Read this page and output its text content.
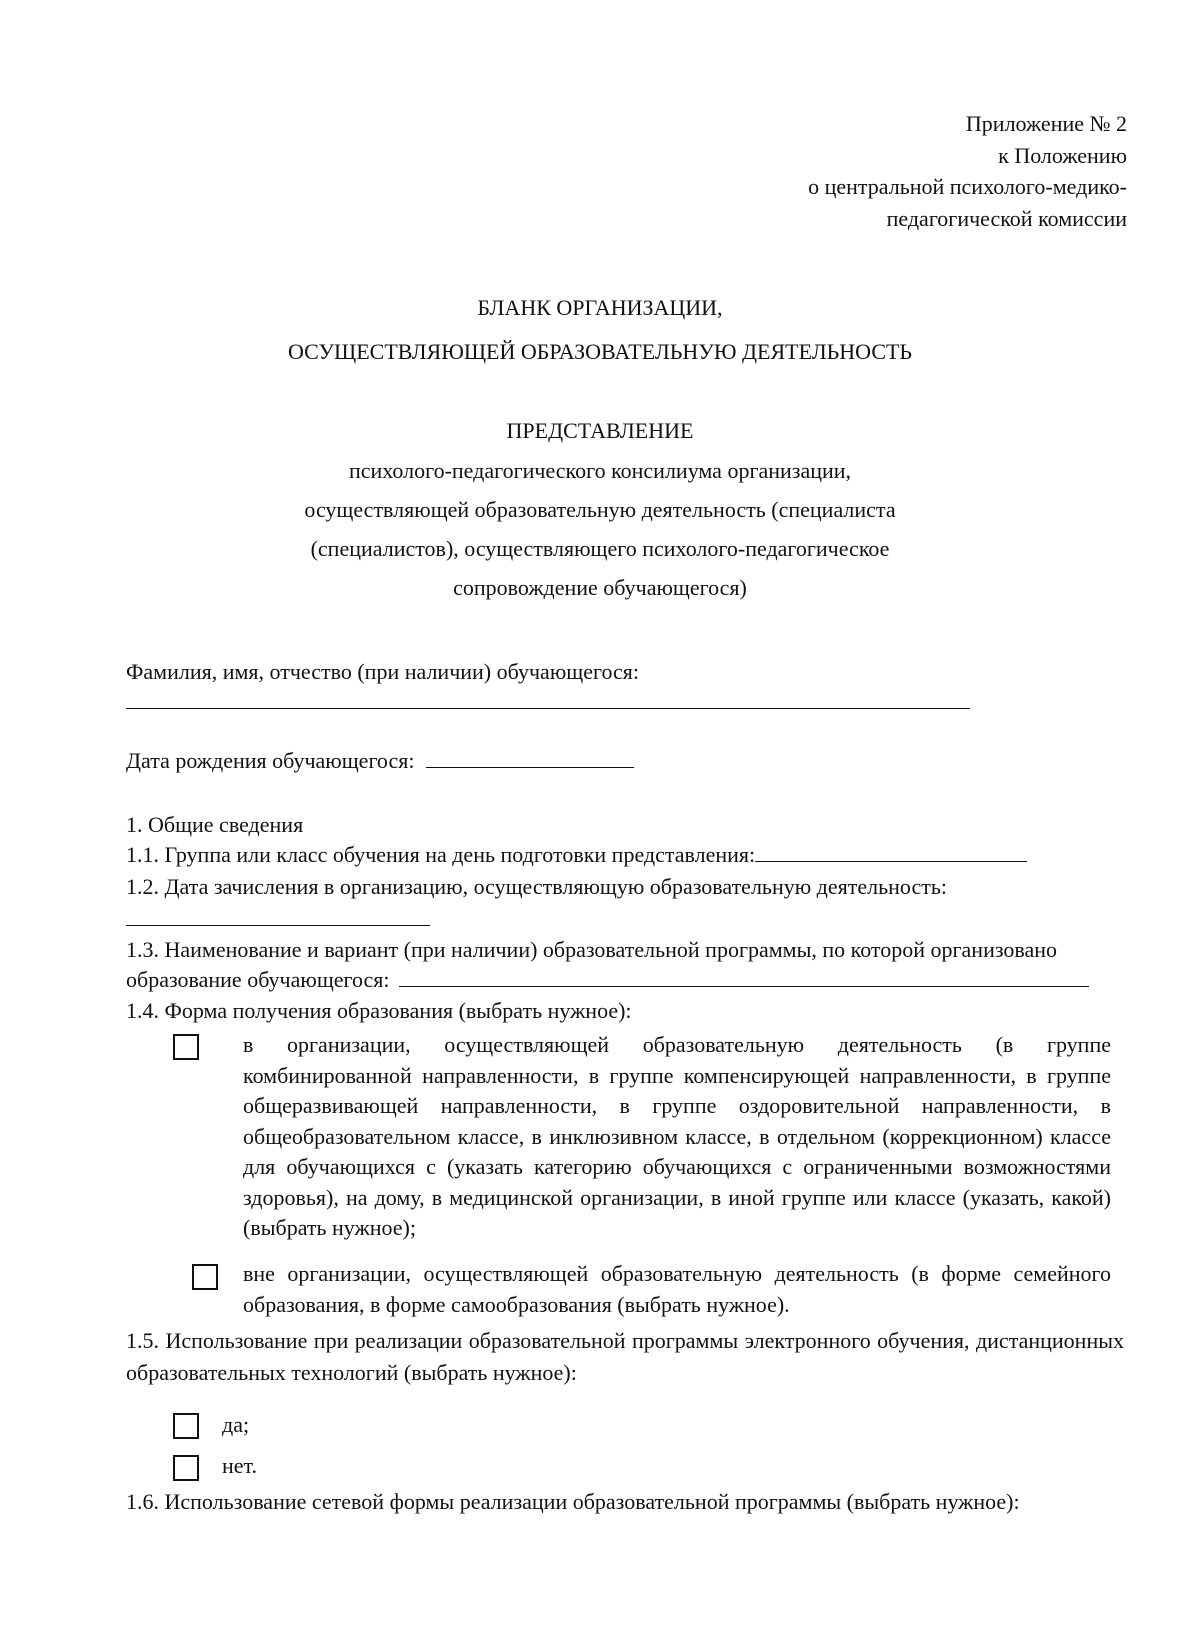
Приложение № 2
к Положению
о центральной психолого-медико-
педагогической комиссии
БЛАНК ОРГАНИЗАЦИИ,
ОСУЩЕСТВЛЯЮЩЕЙ ОБРАЗОВАТЕЛЬНУЮ ДЕЯТЕЛЬНОСТЬ
ПРЕДСТАВЛЕНИЕ
психолого-педагогического консилиума организации,
осуществляющей образовательную деятельность (специалиста
(специалистов), осуществляющего психолого-педагогическое
сопровождение обучающегося)
Фамилия, имя, отчество (при наличии) обучающегося:
Дата рождения обучающегося:
1. Общие сведения
1.1. Группа или класс обучения на день подготовки представления:
1.2. Дата зачисления в организацию, осуществляющую образовательную деятельность:
1.3. Наименование и вариант (при наличии) образовательной программы, по которой организовано
образование обучающегося:
1.4. Форма получения образования (выбрать нужное):
в организации, осуществляющей образовательную деятельность (в группе комбинированной направленности, в группе компенсирующей направленности, в группе общеразвивающей направленности, в группе оздоровительной направленности, в общеобразовательном классе, в инклюзивном классе, в отдельном (коррекционном) классе для обучающихся с (указать категорию обучающихся с ограниченными возможностями здоровья), на дому, в медицинской организации, в иной группе или классе (указать, какой) (выбрать нужное);
вне организации, осуществляющей образовательную деятельность (в форме семейного образования, в форме самообразования (выбрать нужное).
1.5. Использование при реализации образовательной программы электронного обучения, дистанционных образовательных технологий (выбрать нужное):
да;
нет.
1.6. Использование сетевой формы реализации образовательной программы (выбрать нужное):
